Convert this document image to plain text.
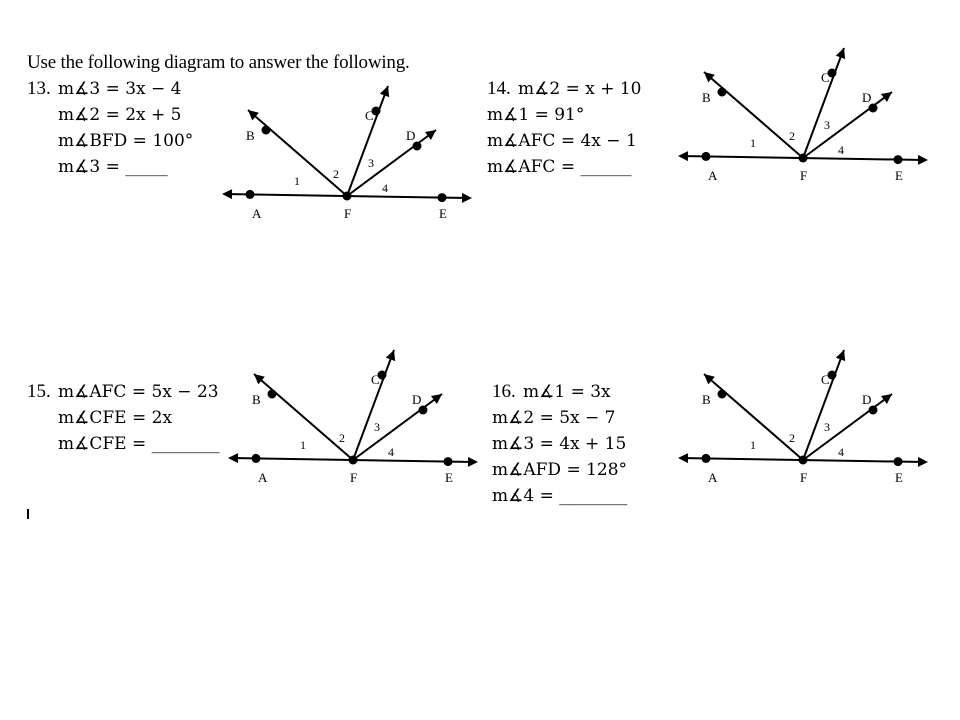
Use the following diagram to answer the following.
13. m∡3 = 3x − 4
m∡2 = 2x + 5
m∡BFD = 100°
m∡3 = _____
14. m∡2 = x + 10
m∡1 = 91°
m∡AFC = 4x − 1
m∡AFC = ______
15. m∡AFC = 5x − 23
m∡CFE = 2x
m∡CFE = ________
16. m∡1 = 3x
m∡2 = 5x − 7
m∡3 = 4x + 15
m∡AFD = 128°
m∡4 = ________
A	F	E
B
C
D
1	2
3
4
A	F	E
B
C
D
1	2
3
4
A	F	E
B
C
D
1	2
3
4
A	F	E
B
C
D
1	2
3
4
